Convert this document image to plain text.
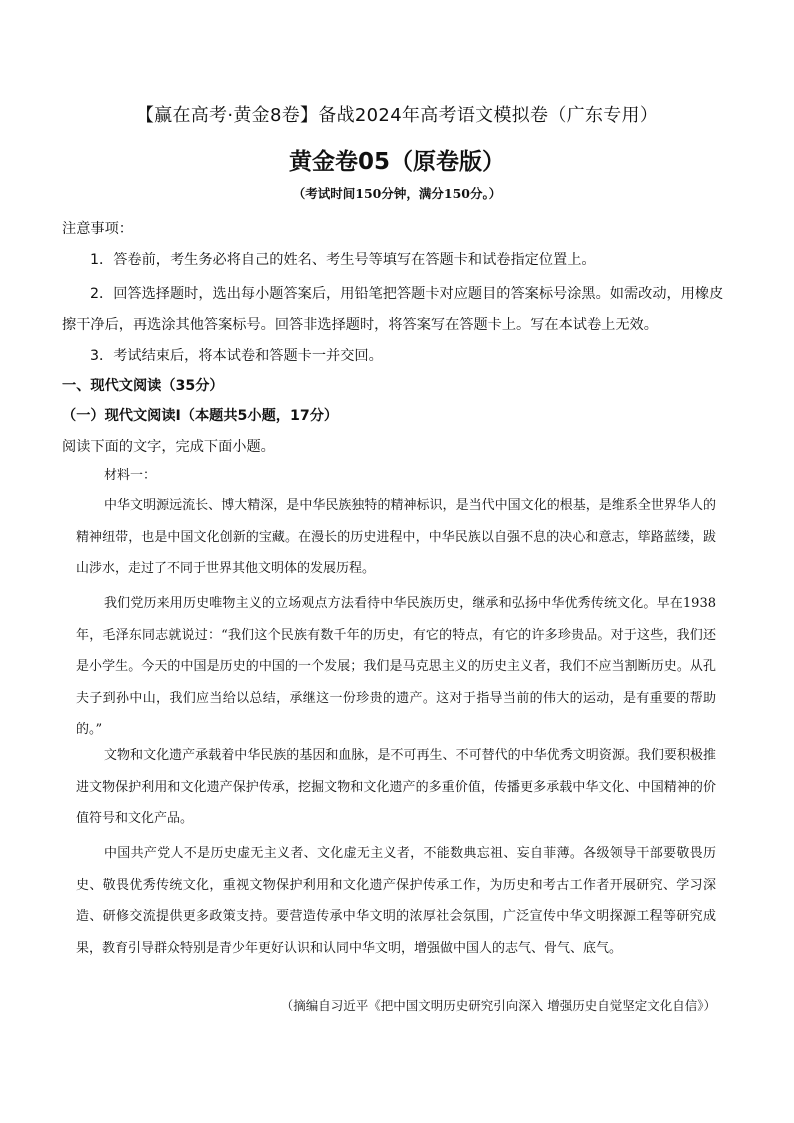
【赢在高考·黄金8卷】备战2024年高考语文模拟卷（广东专用）
黄金卷05（原卷版）
（考试时间150分钟，满分150分。）
注意事项：
1．答卷前，考生务必将自己的姓名、考生号等填写在答题卡和试卷指定位置上。
2．回答选择题时，选出每小题答案后，用铅笔把答题卡对应题目的答案标号涂黑。如需改动，用橡皮
擦干净后，再选涂其他答案标号。回答非选择题时，将答案写在答题卡上。写在本试卷上无效。
3．考试结束后，将本试卷和答题卡一并交回。
一、现代文阅读（35分）
（一）现代文阅读Ⅰ（本题共5小题，17分）
阅读下面的文字，完成下面小题。
材料一：
中华文明源远流长、博大精深，是中华民族独特的精神标识，是当代中国文化的根基，是维系全世界华人的精神纽带，也是中国文化创新的宝藏。在漫长的历史进程中，中华民族以自强不息的决心和意志，筚路蓝缕，跋山涉水，走过了不同于世界其他文明体的发展历程。
我们党历来用历史唯物主义的立场观点方法看待中华民族历史，继承和弘扬中华优秀传统文化。早在1938年，毛泽东同志就说过：“我们这个民族有数千年的历史，有它的特点，有它的许多珍贵品。对于这些，我们还是小学生。今天的中国是历史的中国的一个发展；我们是马克思主义的历史主义者，我们不应当割断历史。从孔夫子到孙中山，我们应当给以总结，承继这一份珍贵的遗产。这对于指导当前的伟大的运动，是有重要的帮助的。”
文物和文化遗产承载着中华民族的基因和血脉，是不可再生、不可替代的中华优秀文明资源。我们要积极推进文物保护利用和文化遗产保护传承，挖掘文物和文化遗产的多重价值，传播更多承载中华文化、中国精神的价值符号和文化产品。
中国共产党人不是历史虚无主义者、文化虚无主义者，不能数典忘祖、妄自菲薄。各级领导干部要敬畏历史、敬畏优秀传统文化，重视文物保护利用和文化遗产保护传承工作，为历史和考古工作者开展研究、学习深造、研修交流提供更多政策支持。要营造传承中华文明的浓厚社会氛围，广泛宣传中华文明探源工程等研究成果，教育引导群众特别是青少年更好认识和认同中华文明，增强做中国人的志气、骨气、底气。
（摘编自习近平《把中国文明历史研究引向深入 增强历史自觉坚定文化自信》）
